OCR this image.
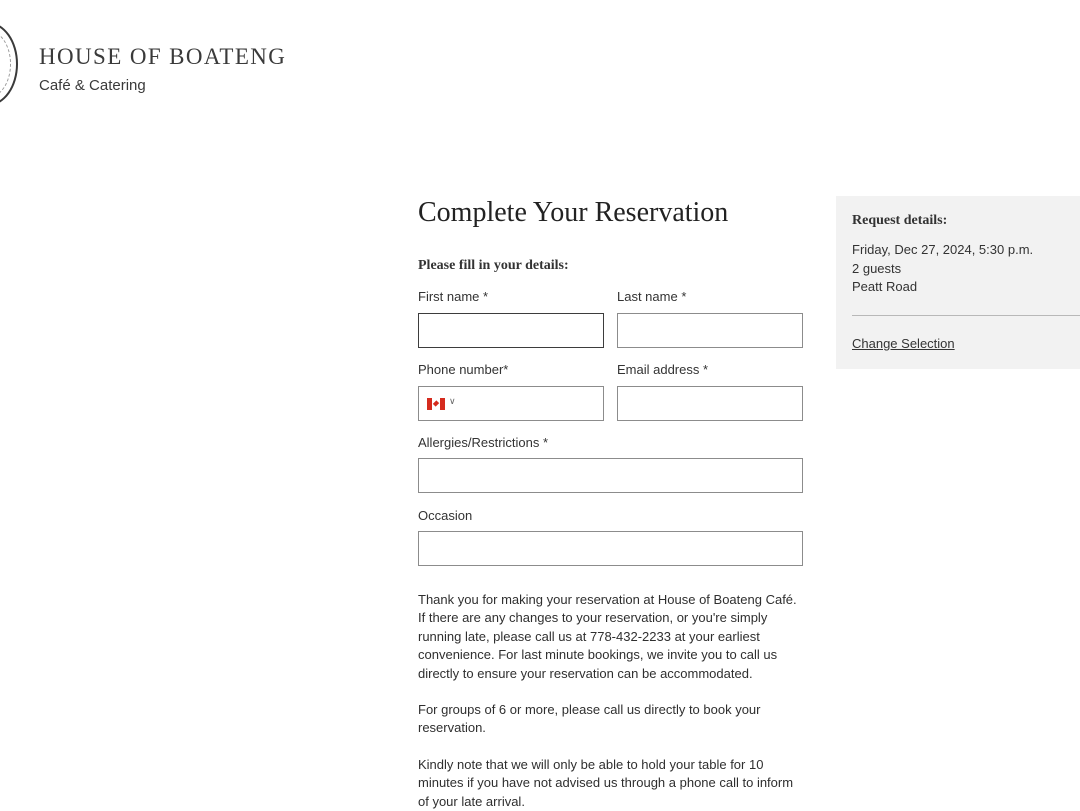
HOUSE OF BOATENG
Café & Catering
Complete Your Reservation
Please fill in your details:
First name *	Last name *
Phone number*
∨
Email address *
Allergies/Restrictions *
Occasion

Thank you for making your reservation at House of Boateng Café. If there are any changes to your reservation, or you're simply running late, please call us at 778-432-2233 at your earliest convenience. For last minute bookings, we invite you to call us directly to ensure your reservation can be accommodated.

For groups of 6 or more, please call us directly to book your reservation.

Kindly note that we will only be able to hold your table for 10 minutes if you have not advised us through a phone call to inform of your late arrival.

Request details:
Friday, Dec 27, 2024, 5:30 p.m.
2 guests
Peatt Road
Change Selection
